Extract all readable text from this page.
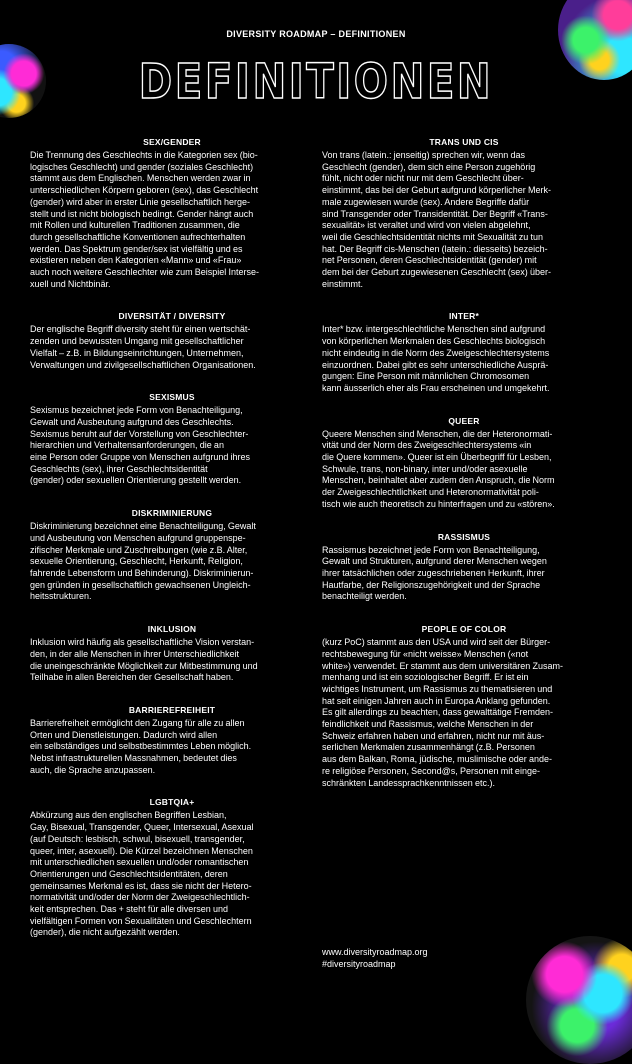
DIVERSITY ROADMAP – DEFINITIONEN
DEFINITIONEN
SEX/GENDER
Die Trennung des Geschlechts in die Kategorien sex (bio-
logisches Geschlecht) und gender (soziales Geschlecht)
stammt aus dem Englischen. Menschen werden zwar in
unterschiedlichen Körpern geboren (sex), das Geschlecht
(gender) wird aber in erster Linie gesellschaftlich herge-
stellt und ist nicht biologisch bedingt. Gender hängt auch
mit Rollen und kulturellen Traditionen zusammen, die
durch gesellschaftliche Konventionen aufrechterhalten
werden. Das Spektrum gender/sex ist vielfältig und es
existieren neben den Kategorien «Mann» und «Frau»
auch noch weitere Geschlechter wie zum Beispiel Interse-
xuell und Nichtbinär.
DIVERSITÄT / DIVERSITY
Der englische Begriff diversity steht für einen wertschät-
zenden und bewussten Umgang mit gesellschaftlicher
Vielfalt – z.B. in Bildungseinrichtungen, Unternehmen,
Verwaltungen und zivilgesellschaftlichen Organisationen.
SEXISMUS
Sexismus bezeichnet jede Form von Benachteiligung,
Gewalt und Ausbeutung aufgrund des Geschlechts.
Sexismus beruht auf der Vorstellung von Geschlechter-
hierarchien und Verhaltensanforderungen, die an
eine Person oder Gruppe von Menschen aufgrund ihres
Geschlechts (sex), ihrer Geschlechtsidentität
(gender) oder sexuellen Orientierung gestellt werden.
DISKRIMINIERUNG
Diskriminierung bezeichnet eine Benachteiligung, Gewalt
und Ausbeutung von Menschen aufgrund gruppenspe-
zifischer Merkmale und Zuschreibungen (wie z.B. Alter,
sexuelle Orientierung, Geschlecht, Herkunft, Religion,
fahrende Lebensform und Behinderung). Diskriminierun-
gen gründen in gesellschaftlich gewachsenen Ungleich-
heitsstrukturen.
INKLUSION
Inklusion wird häufig als gesellschaftliche Vision verstan-
den, in der alle Menschen in ihrer Unterschiedlichkeit
die uneingeschränkte Möglichkeit zur Mitbestimmung und
Teilhabe in allen Bereichen der Gesellschaft haben.
BARRIEREFREIHEIT
Barrierefreiheit ermöglicht den Zugang für alle zu allen
Orten und Dienstleistungen. Dadurch wird allen
ein selbständiges und selbstbestimmtes Leben möglich.
Nebst infrastrukturellen Massnahmen, bedeutet dies
auch, die Sprache anzupassen.
LGBTQIA+
Abkürzung aus den englischen Begriffen Lesbian,
Gay, Bisexual, Transgender, Queer, Intersexual, Asexual
(auf Deutsch: lesbisch, schwul, bisexuell, transgender,
queer, inter, asexuell). Die Kürzel bezeichnen Menschen
mit unterschiedlichen sexuellen und/oder romantischen
Orientierungen und Geschlechtsidentitäten, deren
gemeinsames Merkmal es ist, dass sie nicht der Hetero-
normativität und/oder der Norm der Zweigeschlechtlich-
keit entsprechen. Das + steht für alle diversen und
vielfältigen Formen von Sexualitäten und Geschlechtern
(gender), die nicht aufgezählt werden.
TRANS UND CIS
Von trans (latein.: jenseitig) sprechen wir, wenn das
Geschlecht (gender), dem sich eine Person zugehörig
fühlt, nicht oder nicht nur mit dem Geschlecht über-
einstimmt, das bei der Geburt aufgrund körperlicher Merk-
male zugewiesen wurde (sex). Andere Begriffe dafür
sind Transgender oder Transidentität. Der Begriff «Trans-
sexualität» ist veraltet und wird von vielen abgelehnt,
weil die Geschlechtsidentität nichts mit Sexualität zu tun
hat. Der Begriff cis-Menschen (latein.: diesseits) bezeich-
net Personen, deren Geschlechtsidentität (gender) mit
dem bei der Geburt zugewiesenen Geschlecht (sex) über-
einstimmt.
INTER*
Inter* bzw. intergeschlechtliche Menschen sind aufgrund
von körperlichen Merkmalen des Geschlechts biologisch
nicht eindeutig in die Norm des Zweigeschlechtersystems
einzuordnen. Dabei gibt es sehr unterschiedliche Ausprä-
gungen: Eine Person mit männlichen Chromosomen
kann äusserlich eher als Frau erscheinen und umgekehrt.
QUEER
Queere Menschen sind Menschen, die der Heteronormati-
vität und der Norm des Zweigeschlechtersystems «in
die Quere kommen». Queer ist ein Überbegriff für Lesben,
Schwule, trans, non-binary, inter und/oder asexuelle
Menschen, beinhaltet aber zudem den Anspruch, die Norm
der Zweigeschlechtlichkeit und Heteronormativität poli-
tisch wie auch theoretisch zu hinterfragen und zu «stören».
RASSISMUS
Rassismus bezeichnet jede Form von Benachteiligung,
Gewalt und Strukturen, aufgrund derer Menschen wegen
ihrer tatsächlichen oder zugeschriebenen Herkunft, ihrer
Hautfarbe, der Religionszugehörigkeit und der Sprache
benachteiligt werden.
PEOPLE OF COLOR
(kurz PoC) stammt aus den USA und wird seit der Bürger-
rechtsbewegung für «nicht weisse» Menschen («not
white») verwendet. Er stammt aus dem universitären Zusam-
menhang und ist ein soziologischer Begriff. Er ist ein
wichtiges Instrument, um Rassismus zu thematisieren und
hat seit einigen Jahren auch in Europa Anklang gefunden.
Es gilt allerdings zu beachten, dass gewalttätige Fremden-
feindlichkeit und Rassismus, welche Menschen in der
Schweiz erfahren haben und erfahren, nicht nur mit äus-
serlichen Merkmalen zusammenhängt (z.B. Personen
aus dem Balkan, Roma, jüdische, muslimische oder ande-
re religiöse Personen, Second@s, Personen mit einge-
schränkten Landessprachkenntnissen etc.).
www.diversityroadmap.org
#diversityroadmap
